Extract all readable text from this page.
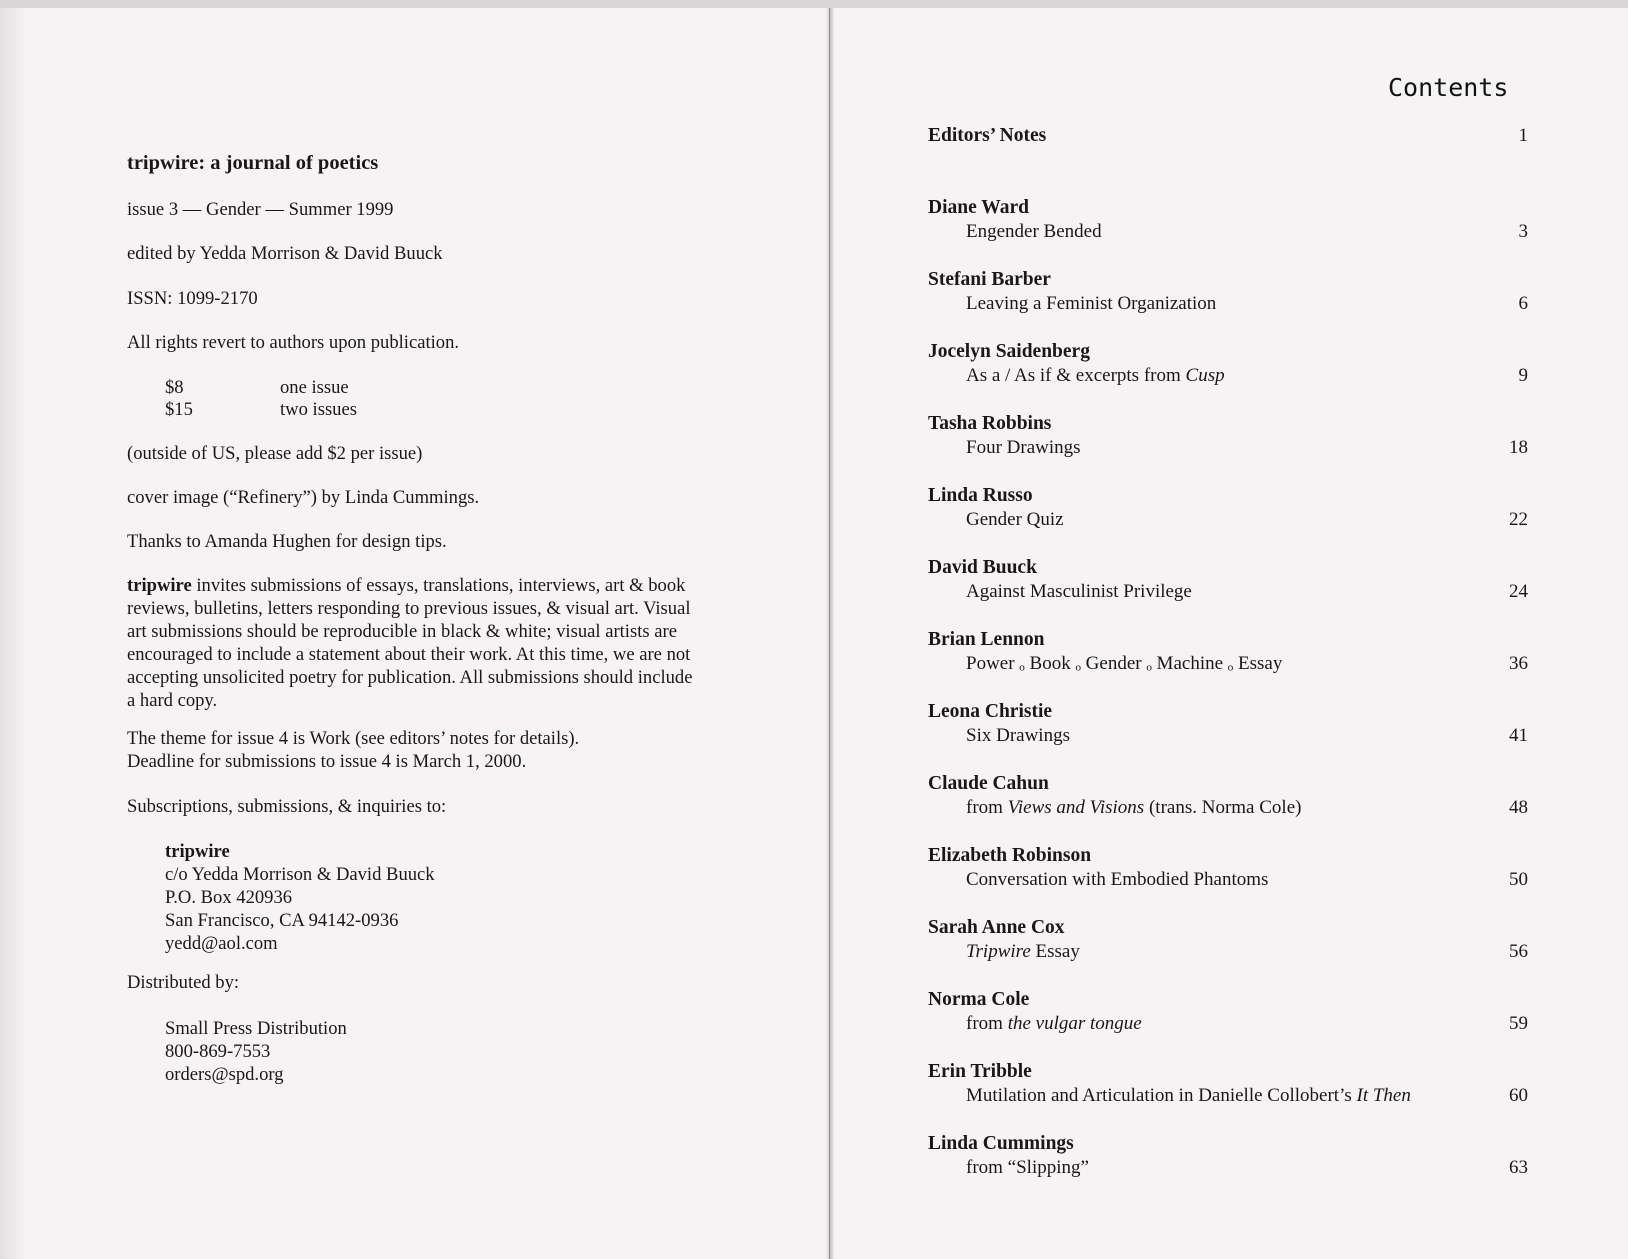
tripwire: a journal of poetics
issue 3 — Gender — Summer 1999
edited by Yedda Morrison & David Buuck
ISSN: 1099-2170
All rights revert to authors upon publication.
$8	one issue
$15	two issues
(outside of US, please add $2 per issue)
cover image (“Refinery”) by Linda Cummings.
Thanks to Amanda Hughen for design tips.
tripwire invites submissions of essays, translations, interviews, art & book reviews, bulletins, letters responding to previous issues, & visual art. Visual art submissions should be reproducible in black & white; visual artists are encouraged to include a statement about their work. At this time, we are not accepting unsolicited poetry for publication. All submissions should include a hard copy.
The theme for issue 4 is Work (see editors’ notes for details).
Deadline for submissions to issue 4 is March 1, 2000.
Subscriptions, submissions, & inquiries to:
tripwire
c/o Yedda Morrison & David Buuck
P.O. Box 420936
San Francisco, CA 94142-0936
yedd@aol.com
Distributed by:
Small Press Distribution
800-869-7553
orders@spd.org
Contents
Editors’ Notes	1
Diane Ward
Engender Bended	3
Stefani Barber
Leaving a Feminist Organization	6
Jocelyn Saidenberg
As a / As if & excerpts from Cusp	9
Tasha Robbins
Four Drawings	18
Linda Russo
Gender Quiz	22
David Buuck
Against Masculinist Privilege	24
Brian Lennon
Power ₒ Book ₒ Gender ₒ Machine ₒ Essay	36
Leona Christie
Six Drawings	41
Claude Cahun
from Views and Visions (trans. Norma Cole)	48
Elizabeth Robinson
Conversation with Embodied Phantoms	50
Sarah Anne Cox
Tripwire Essay	56
Norma Cole
from the vulgar tongue	59
Erin Tribble
Mutilation and Articulation in Danielle Collobert’s It Then	60
Linda Cummings
from “Slipping”	63
